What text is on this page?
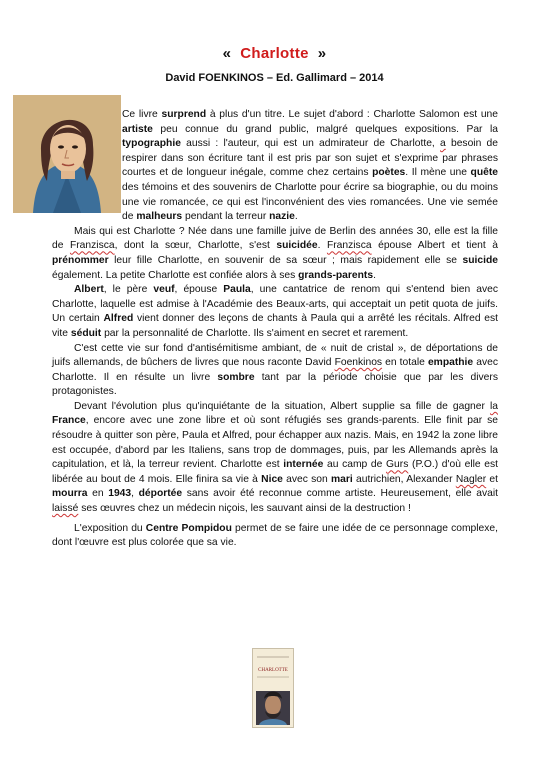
« Charlotte »
David FOENKINOS – Ed. Gallimard – 2014

Ce livre surprend à plus d'un titre. Le sujet d'abord : Charlotte Salomon est une artiste peu connue du grand public, malgré quelques expositions. Par la typographie aussi : l'auteur, qui est un admirateur de Charlotte, a besoin de respirer dans son écriture tant il est pris par son sujet et s'exprime par phrases courtes et de longueur inégale, comme chez certains poètes. Il mène une quête des témoins et des souvenirs de Charlotte pour écrire sa biographie, ou du moins une vie romancée, ce qui est l'inconvénient des vies romancées. Une vie semée de malheurs pendant la terreur nazie.

Mais qui est Charlotte ? Née dans une famille juive de Berlin des années 30, elle est la fille de Franzisca, dont la sœur, Charlotte, s'est suicidée. Franzisca épouse Albert et tient à prénommer leur fille Charlotte, en souvenir de sa sœur ; mais rapidement elle se suicide également. La petite Charlotte est confiée alors à ses grands-parents.

Albert, le père veuf, épouse Paula, une cantatrice de renom qui s'entend bien avec Charlotte, laquelle est admise à l'Académie des Beaux-arts, qui acceptait un petit quota de juifs. Un certain Alfred vient donner des leçons de chants à Paula qui a arrêté les récitals. Alfred est vite séduit par la personnalité de Charlotte. Ils s'aiment en secret et rarement.

C'est cette vie sur fond d'antisémitisme ambiant, de « nuit de cristal », de déportations de juifs allemands, de bûchers de livres que nous raconte David Foenkinos en totale empathie avec Charlotte. Il en résulte un livre sombre tant par la période choisie que par les divers protagonistes.

Devant l'évolution plus qu'inquiétante de la situation, Albert supplie sa fille de gagner la France, encore avec une zone libre et où sont réfugiés ses grands-parents. Elle finit par se résoudre à quitter son père, Paula et Alfred, pour échapper aux nazis. Mais, en 1942 la zone libre est occupée, d'abord par les Italiens, sans trop de dommages, puis, par les Allemands après la capitulation, et là, la terreur revient. Charlotte est internée au camp de Gurs (P.O.) d'où elle est libérée au bout de 4 mois. Elle finira sa vie à Nice avec son mari autrichien, Alexander Nagler et mourra en 1943, déportée sans avoir été reconnue comme artiste. Heureusement, elle avait laissé ses œuvres chez un médecin niçois, les sauvant ainsi de la destruction !

L'exposition du Centre Pompidou permet de se faire une idée de ce personnage complexe, dont l'œuvre est plus colorée que sa vie.

CHARLOTTE
